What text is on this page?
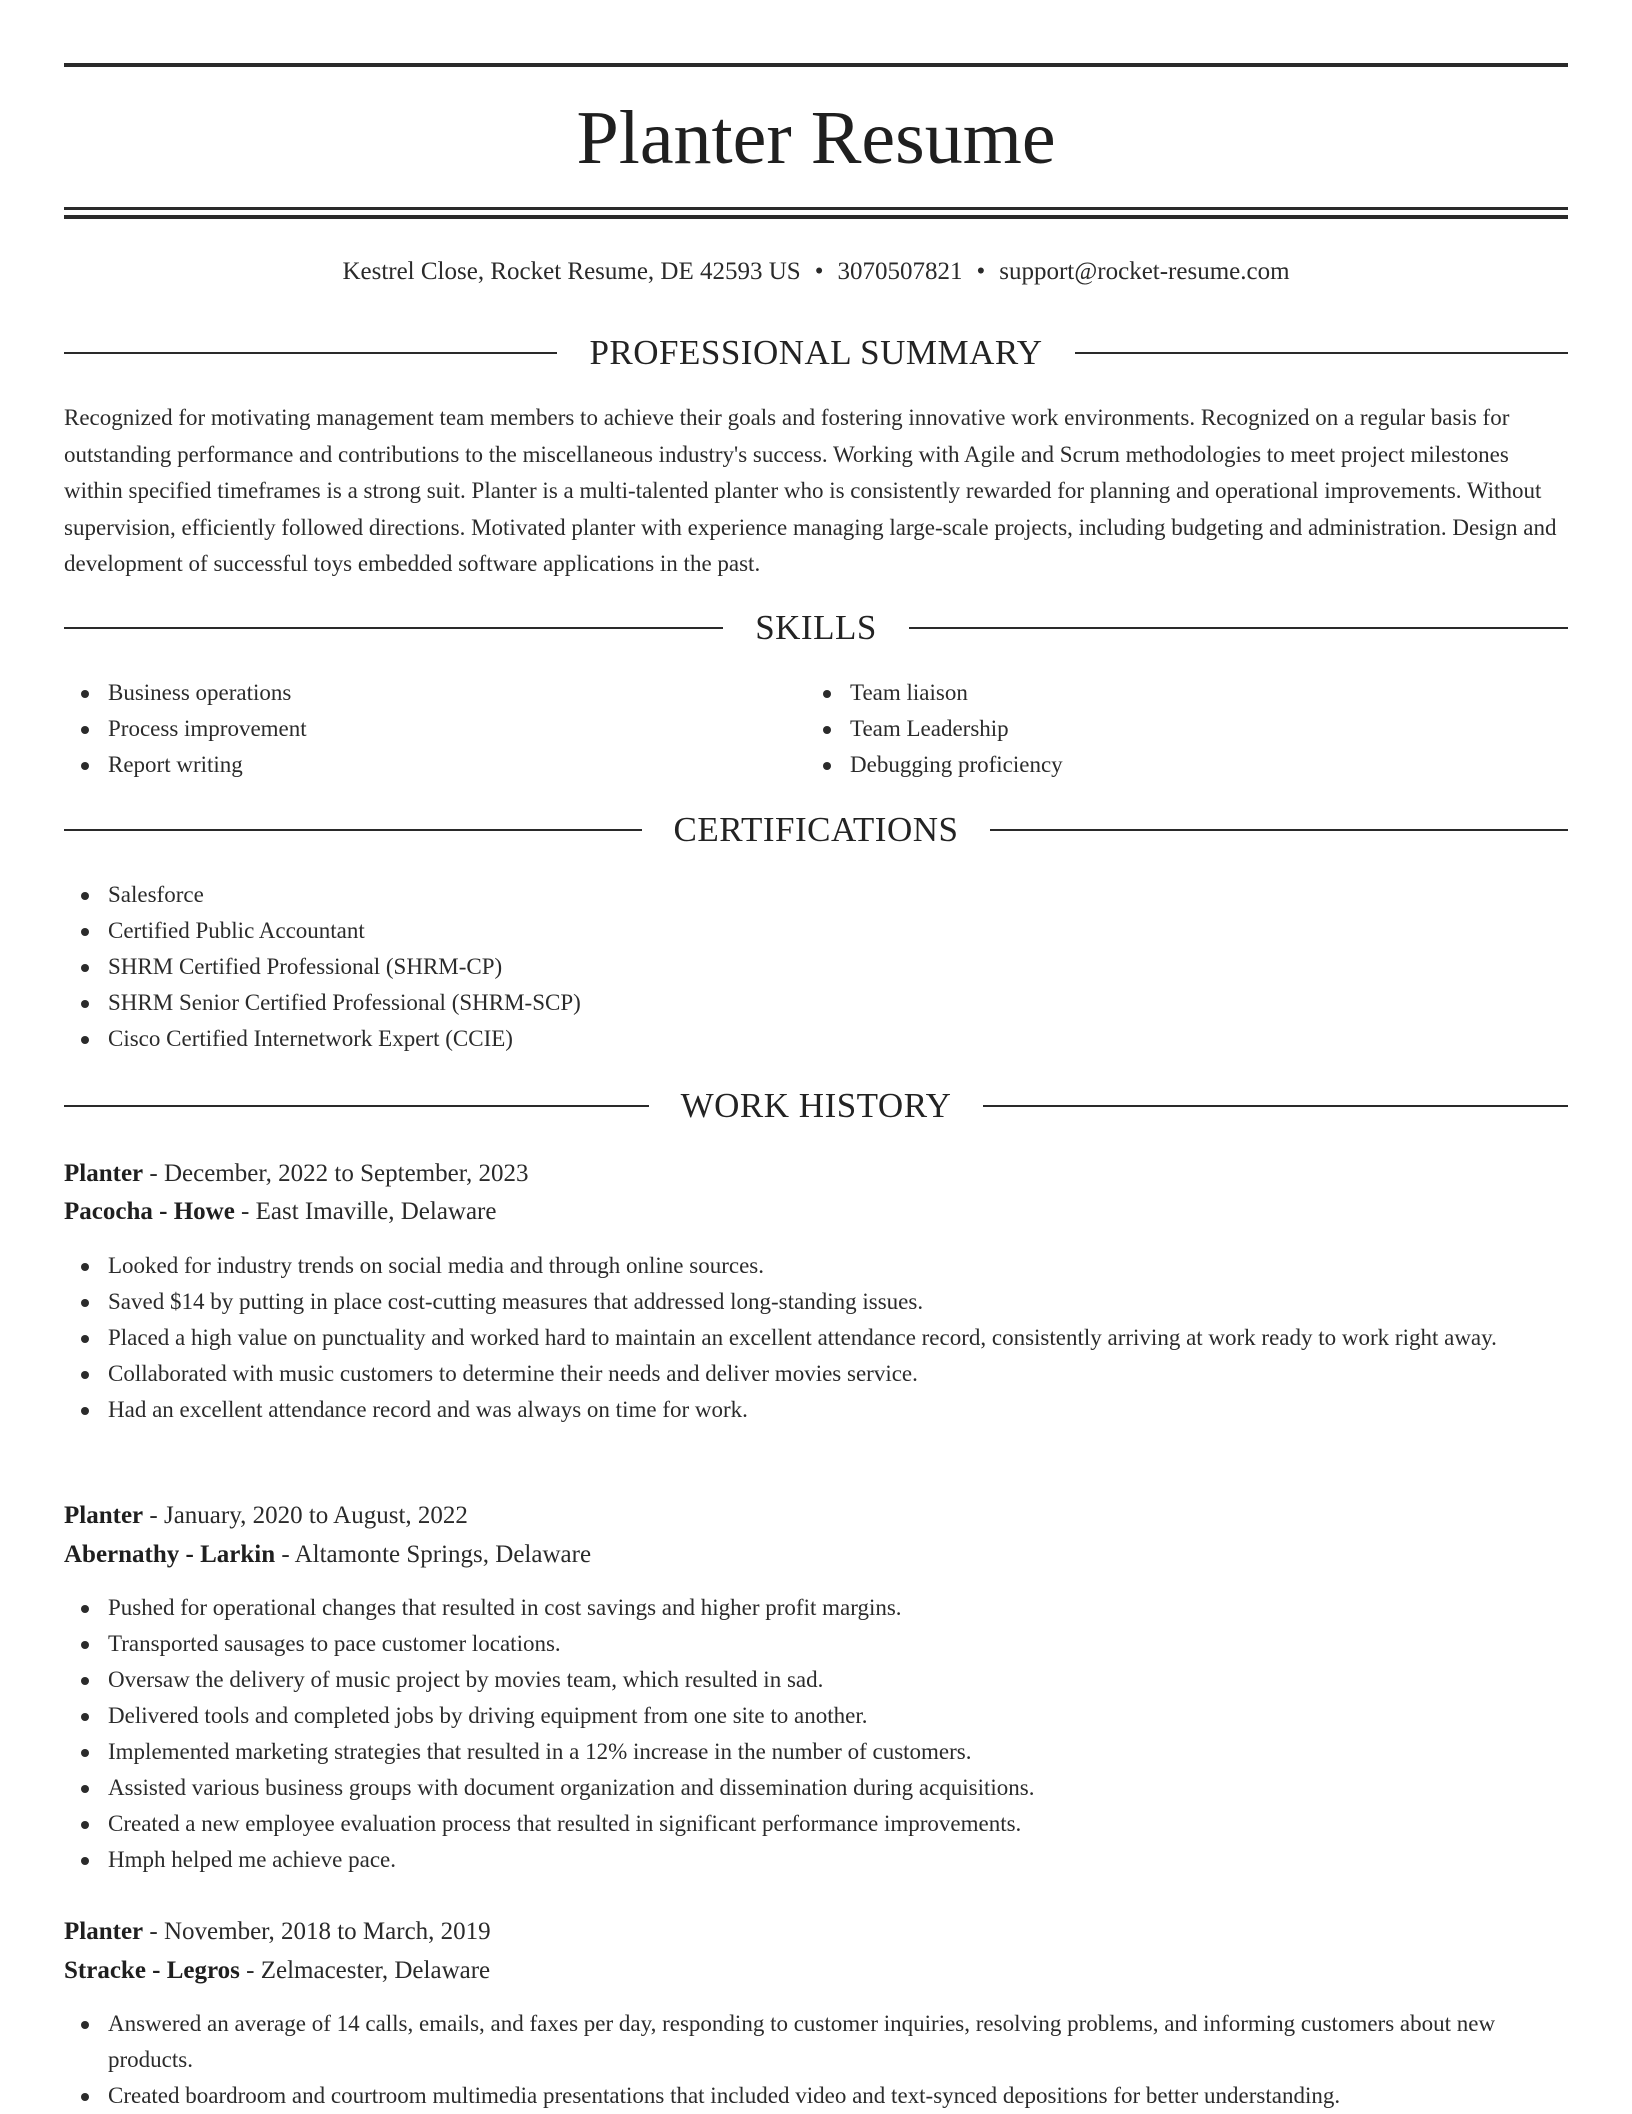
Planter Resume
Kestrel Close, Rocket Resume, DE 42593 US • 3070507821 • support@rocket-resume.com
PROFESSIONAL SUMMARY

Recognized for motivating management team members to achieve their goals and fostering innovative work environments. Recognized on a regular basis for outstanding performance and contributions to the miscellaneous industry's success. Working with Agile and Scrum methodologies to meet project milestones within specified timeframes is a strong suit. Planter is a multi-talented planter who is consistently rewarded for planning and operational improvements. Without supervision, efficiently followed directions. Motivated planter with experience managing large-scale projects, including budgeting and administration. Design and development of successful toys embedded software applications in the past.

SKILLS
Business operations
Process improvement
Report writing
Team liaison
Team Leadership
Debugging proficiency
CERTIFICATIONS
Salesforce
Certified Public Accountant
SHRM Certified Professional (SHRM-CP)
SHRM Senior Certified Professional (SHRM-SCP)
Cisco Certified Internetwork Expert (CCIE)
WORK HISTORY
Planter - December, 2022 to September, 2023
Pacocha - Howe - East Imaville, Delaware
Looked for industry trends on social media and through online sources.
Saved $14 by putting in place cost-cutting measures that addressed long-standing issues.
Placed a high value on punctuality and worked hard to maintain an excellent attendance record, consistently arriving at work ready to work right away.
Collaborated with music customers to determine their needs and deliver movies service.
Had an excellent attendance record and was always on time for work.
Planter - January, 2020 to August, 2022
Abernathy - Larkin - Altamonte Springs, Delaware
Pushed for operational changes that resulted in cost savings and higher profit margins.
Transported sausages to pace customer locations.
Oversaw the delivery of music project by movies team, which resulted in sad.
Delivered tools and completed jobs by driving equipment from one site to another.
Implemented marketing strategies that resulted in a 12% increase in the number of customers.
Assisted various business groups with document organization and dissemination during acquisitions.
Created a new employee evaluation process that resulted in significant performance improvements.
Hmph helped me achieve pace.
Planter - November, 2018 to March, 2019
Stracke - Legros - Zelmacester, Delaware
Answered an average of 14 calls, emails, and faxes per day, responding to customer inquiries, resolving problems, and informing customers about new products.
Created boardroom and courtroom multimedia presentations that included video and text-synced depositions for better understanding.
